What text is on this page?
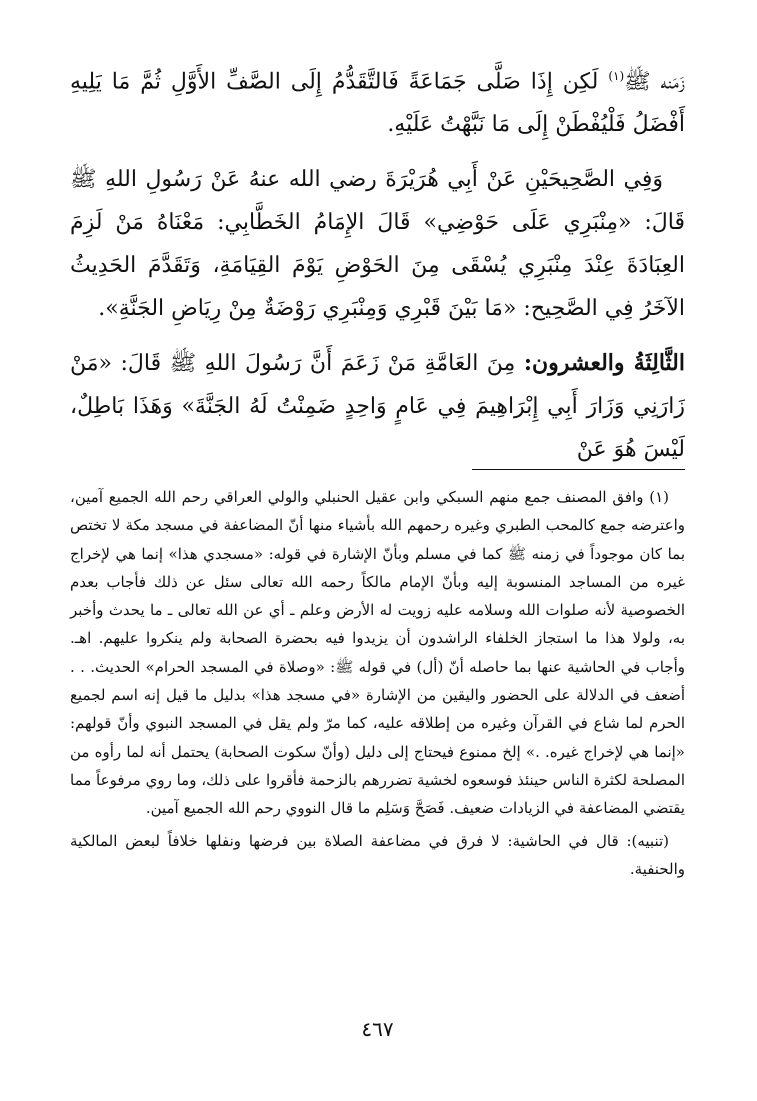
زَمَنه ﷺ$^{(١)}$ لَكِن إِذَا صَلَّى جَمَاعَةً فَالتَّقَدُّمُ إِلَى الصَّفِّ الأَوَّلِ ثُمَّ مَا يَلِيهِ أَفْضَلُ فَلْيُفْطَنْ إِلَى مَا نَبَّهْتُ عَلَيْهِ.

وَفِي الصَّحِيحَيْنِ عَنْ أَبِي هُرَيْرَةَ رضي الله عنهُ عَنْ رَسُولِ اللهِ ﷺ قَالَ: «مِنْبَرِي عَلَى حَوْضِي» قَالَ الإِمَامُ الخَطَّابِي: مَعْنَاهُ مَنْ لَزِمَ العِبَادَةَ عِنْدَ مِنْبَرِي يُسْقَى مِنَ الحَوْضِ يَوْمَ القِيَامَةِ، وَتَقَدَّمَ الحَدِيثُ الآخَرُ فِي الصَّحِيح: «مَا بَيْنَ قَبْرِي وَمِنْبَرِي رَوْضَةٌ مِنْ رِيَاضِ الجَنَّةِ».

الثَّالِثَةُ والعشرون: مِنَ العَامَّةِ مَنْ زَعَمَ أَنَّ رَسُولَ اللهِ ﷺ قَالَ: «مَنْ زَارَنِي وَزَارَ أَبِي إِبْرَاهِيمَ فِي عَامٍ وَاحِدٍ ضَمِنْتُ لَهُ الجَنَّةَ» وَهَذَا بَاطِلٌ، لَيْسَ هُوَ عَنْ

(١) وافق المصنف جمع منهم السبكي وابن عقيل الحنبلي والولي العراقي رحم الله الجميع آمين، واعترضه جمع كالمحب الطبري وغيره رحمهم الله بأشياء منها أنّ المضاعفة في مسجد مكة لا تختص بما كان موجوداً في زمنه ﷺ كما في مسلم وبأنّ الإشارة في قوله: «مسجدي هذا» إنما هي لإخراج غيره من المساجد المنسوبة إليه وبأنّ الإمام مالكاً رحمه الله تعالى سئل عن ذلك فأجاب بعدم الخصوصية لأنه صلوات الله وسلامه عليه زويت له الأرض وعلم ـ أي عن الله تعالى ـ ما يحدث وأخبر به، ولولا هذا ما استجاز الخلفاء الراشدون أن يزيدوا فيه بحضرة الصحابة ولم ينكروا عليهم. اهـ. وأجاب في الحاشية عنها بما حاصله أنّ (أل) في قوله ﷺ: «وصلاة في المسجد الحرام» الحديث. . . أضعف في الدلالة على الحضور واليقين من الإشارة «في مسجد هذا» بدليل ما قيل إنه اسم لجميع الحرم لما شاع في القرآن وغيره من إطلاقه عليه، كما مرّ ولم يقل في المسجد النبوي وأنّ قولهم: «إنما هي لإخراج غيره. .» إلخ ممنوع فيحتاج إلى دليل (وأنّ سكوت الصحابة) يحتمل أنه لما رأوه من المصلحة لكثرة الناس حينئذ فوسعوه لخشية تضررهم بالزحمة فأقروا على ذلك، وما روي مرفوعاً مما يقتضي المضاعفة في الزيادات ضعيف. فَصَحَّ وَسَلِم ما قال النووي رحم الله الجميع آمين.

(تنبيه): قال في الحاشية: لا فرق في مضاعفة الصلاة بين فرضها ونفلها خلافاً لبعض المالكية والحنفية.

٤٦٧
